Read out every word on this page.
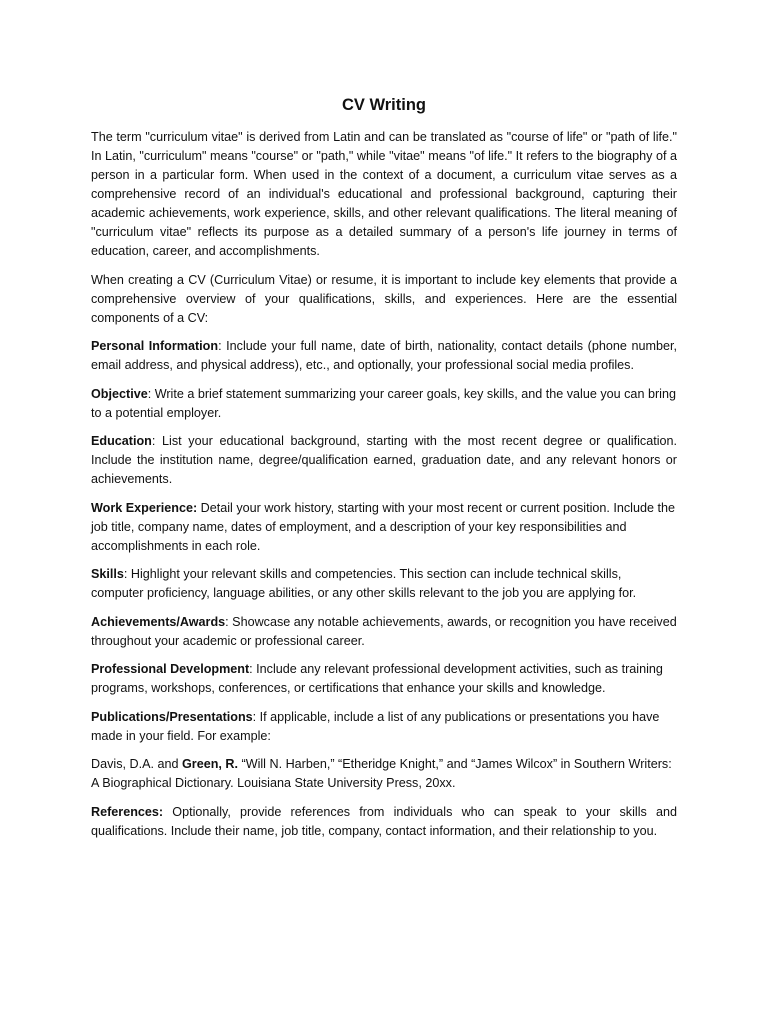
CV Writing

The term "curriculum vitae" is derived from Latin and can be translated as "course of life" or "path of life." In Latin, "curriculum" means "course" or "path," while "vitae" means "of life." It refers to the biography of a person in a particular form. When used in the context of a document, a curriculum vitae serves as a comprehensive record of an individual's educational and professional background, capturing their academic achievements, work experience, skills, and other relevant qualifications. The literal meaning of "curriculum vitae" reflects its purpose as a detailed summary of a person's life journey in terms of education, career, and accomplishments.

When creating a CV (Curriculum Vitae) or resume, it is important to include key elements that provide a comprehensive overview of your qualifications, skills, and experiences. Here are the essential components of a CV:

Personal Information: Include your full name, date of birth, nationality, contact details (phone number, email address, and physical address), etc., and optionally, your professional social media profiles.

Objective: Write a brief statement summarizing your career goals, key skills, and the value you can bring to a potential employer.

Education: List your educational background, starting with the most recent degree or qualification. Include the institution name, degree/qualification earned, graduation date, and any relevant honors or achievements.

Work Experience: Detail your work history, starting with your most recent or current position. Include the job title, company name, dates of employment, and a description of your key responsibilities and accomplishments in each role.

Skills: Highlight your relevant skills and competencies. This section can include technical skills, computer proficiency, language abilities, or any other skills relevant to the job you are applying for.

Achievements/Awards: Showcase any notable achievements, awards, or recognition you have received throughout your academic or professional career.

Professional Development: Include any relevant professional development activities, such as training programs, workshops, conferences, or certifications that enhance your skills and knowledge.

Publications/Presentations: If applicable, include a list of any publications or presentations you have made in your field. For example:

Davis, D.A. and Green, R. “Will N. Harben,” “Etheridge Knight,” and “James Wilcox” in Southern Writers: A Biographical Dictionary. Louisiana State University Press, 20xx.

References: Optionally, provide references from individuals who can speak to your skills and qualifications. Include their name, job title, company, contact information, and their relationship to you.
